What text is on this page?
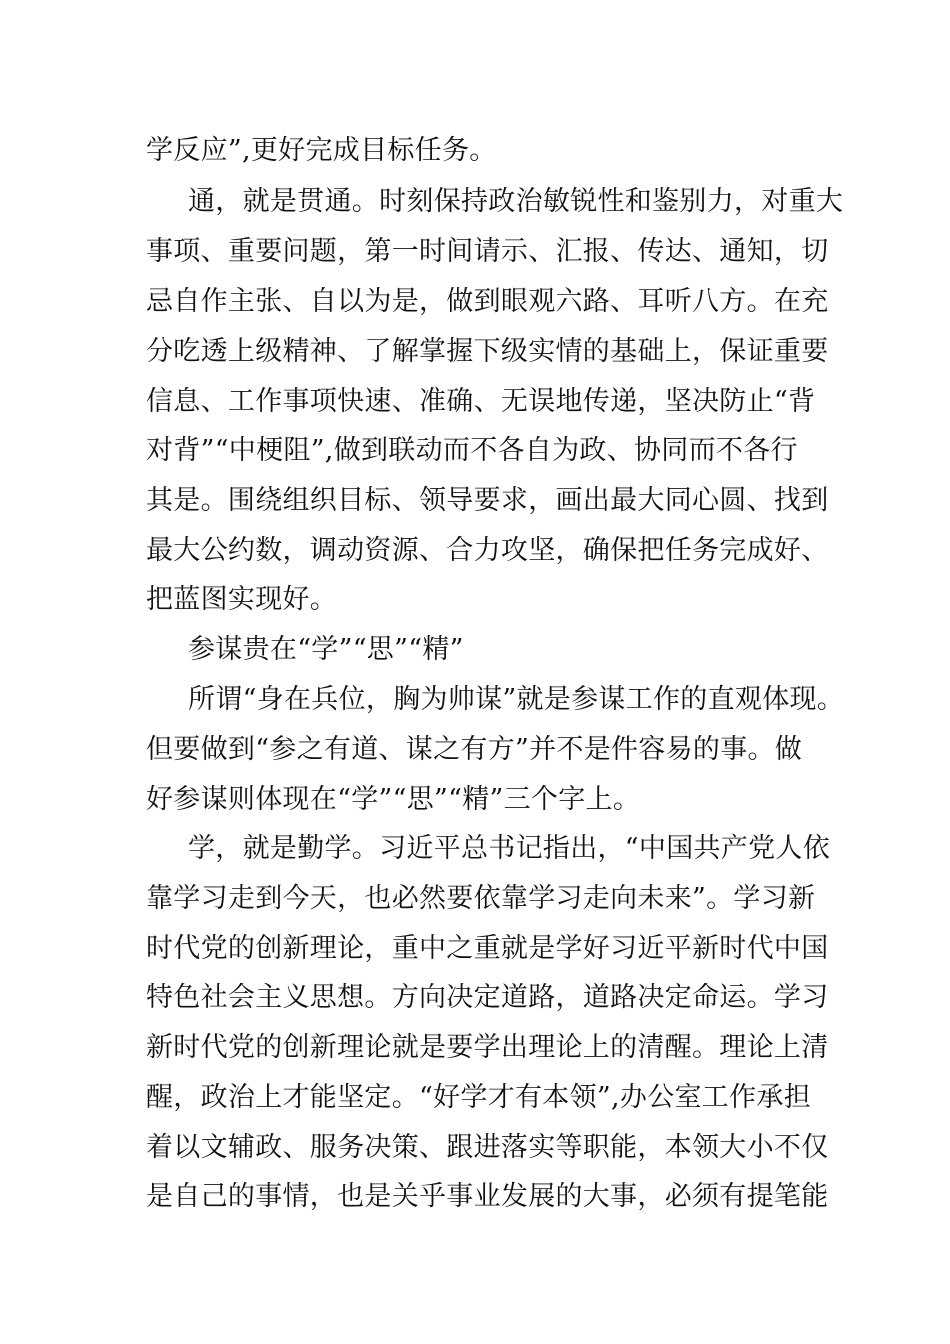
学反应”,更好完成目标任务。
通，就是贯通。时刻保持政治敏锐性和鉴别力，对重大
事项、重要问题，第一时间请示、汇报、传达、通知，切
忌自作主张、自以为是，做到眼观六路、耳听八方。在充
分吃透上级精神、了解掌握下级实情的基础上，保证重要
信息、工作事项快速、准确、无误地传递，坚决防止“背
对背”“中梗阻”,做到联动而不各自为政、协同而不各行
其是。围绕组织目标、领导要求，画出最大同心圆、找到
最大公约数，调动资源、合力攻坚，确保把任务完成好、
把蓝图实现好。
参谋贵在“学”“思”“精”
所谓“身在兵位，胸为帅谋”就是参谋工作的直观体现。
但要做到“参之有道、谋之有方”并不是件容易的事。做
好参谋则体现在“学”“思”“精”三个字上。
学，就是勤学。习近平总书记指出，“中国共产党人依
靠学习走到今天，也必然要依靠学习走向未来”。学习新
时代党的创新理论，重中之重就是学好习近平新时代中国
特色社会主义思想。方向决定道路，道路决定命运。学习
新时代党的创新理论就是要学出理论上的清醒。理论上清
醒，政治上才能坚定。“好学才有本领”,办公室工作承担
着以文辅政、服务决策、跟进落实等职能，本领大小不仅
是自己的事情，也是关乎事业发展的大事，必须有提笔能
